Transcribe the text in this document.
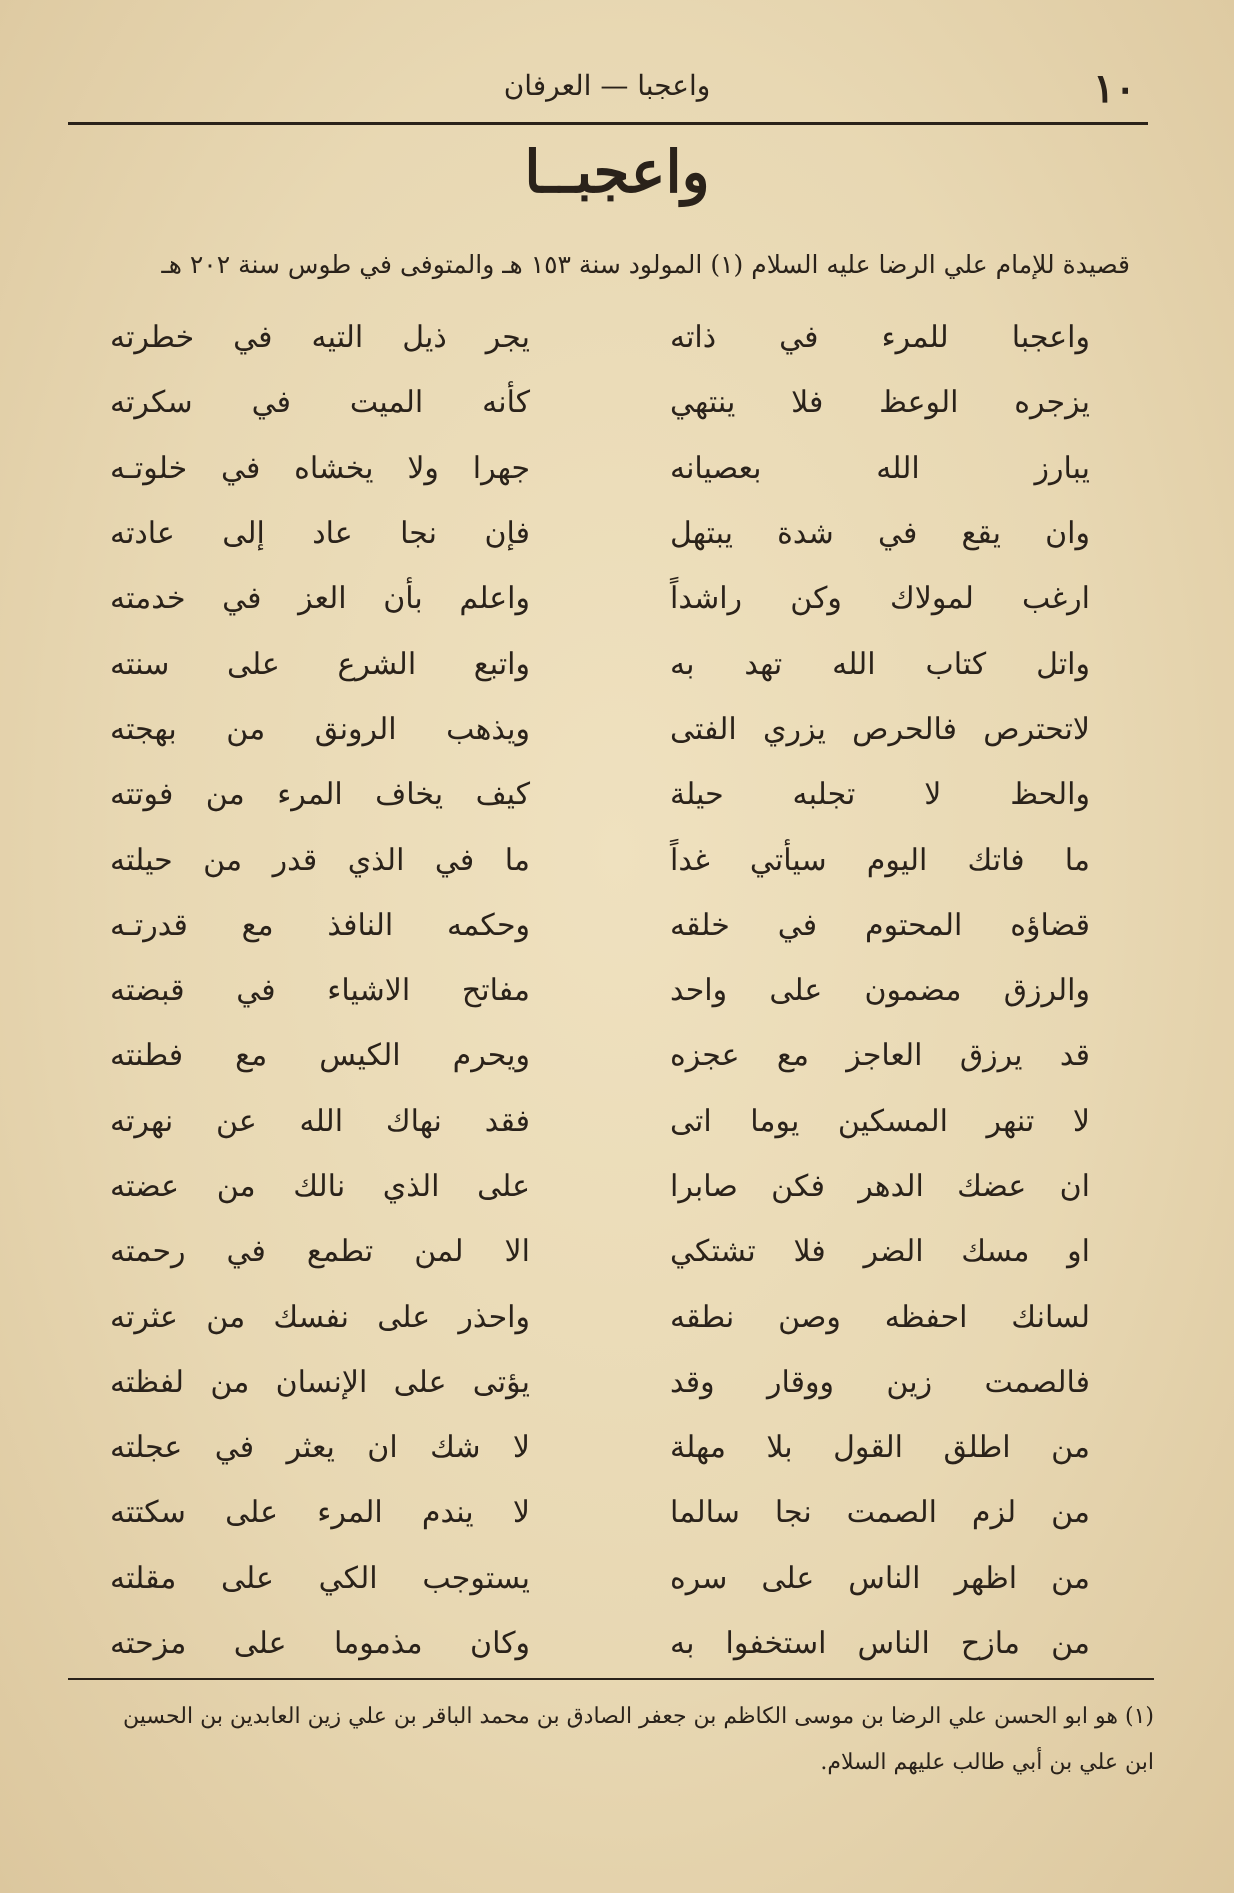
١٠
واعجبا — العرفان
واعجبــا
قصيدة للإمام علي الرضا عليه السلام (١) المولود سنة ١٥٣ هـ والمتوفى في طوس سنة ٢٠٢ هـ
واعجبا للمرء في ذاته
يجر ذيل التيه في خطرته
يزجره الوعظ فلا ينتهي
كأنه الميت في سكرته
يبارز الله بعصيانه
جهرا ولا يخشاه في خلوتـه
وان يقع في شدة يبتهل
فإن نجا عاد إلى عادته
ارغب لمولاك وكن راشداً
واعلم بأن العز في خدمته
واتل كتاب الله تهد به
واتبع الشرع على سنته
لاتحترص فالحرص يزري الفتى
ويذهب الرونق من بهجته
والحظ لا تجلبه حيلة
كيف يخاف المرء من فوتته
ما فاتك اليوم سيأتي غداً
ما في الذي قدر من حيلته
قضاؤه المحتوم في خلقه
وحكمه النافذ مع قدرتـه
والرزق مضمون على واحد
مفاتح الاشياء في قبضته
قد يرزق العاجز مع عجزه
ويحرم الكيس مع فطنته
لا تنهر المسكين يوما اتى
فقد نهاك الله عن نهرته
ان عضك الدهر فكن صابرا
على الذي نالك من عضته
او مسك الضر فلا تشتكي
الا لمن تطمع في رحمته
لسانك احفظه وصن نطقه
واحذر على نفسك من عثرته
فالصمت زين ووقار وقد
يؤتى على الإنسان من لفظته
من اطلق القول بلا مهلة
لا شك ان يعثر في عجلته
من لزم الصمت نجا سالما
لا يندم المرء على سكتته
من اظهر الناس على سره
يستوجب الكي على مقلته
من مازح الناس استخفوا به
وكان مذموما على مزحته
(١) هو ابو الحسن علي الرضا بن موسى الكاظم بن جعفر الصادق بن محمد الباقر بن علي زين العابدين بن الحسين
ابن علي بن أبي طالب عليهم السلام.
